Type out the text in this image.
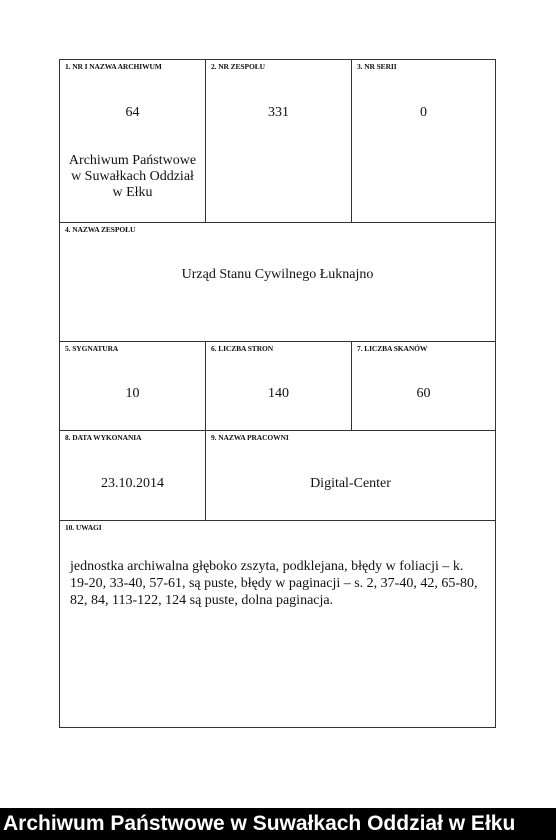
1. NR I NAZWA ARCHIWUM
64
Archiwum Państwowe w Suwałkach Oddział w Ełku
2. NR ZESPOŁU
331
3. NR SERII
0
4. NAZWA ZESPOŁU
Urząd Stanu Cywilnego Łuknajno
5. SYGNATURA
10
6. LICZBA STRON
140
7. LICZBA SKANÓW
60
8. DATA WYKONANIA
23.10.2014
9. NAZWA PRACOWNI
Digital-Center
10. UWAGI
jednostka archiwalna głęboko zszyta, podklejana, błędy w foliacji – k. 19-20, 33-40, 57-61, są puste, błędy w paginacji – s. 2, 37-40, 42, 65-80, 82, 84, 113-122, 124 są puste, dolna paginacja.
Archiwum Państwowe w Suwałkach Oddział w Ełku
